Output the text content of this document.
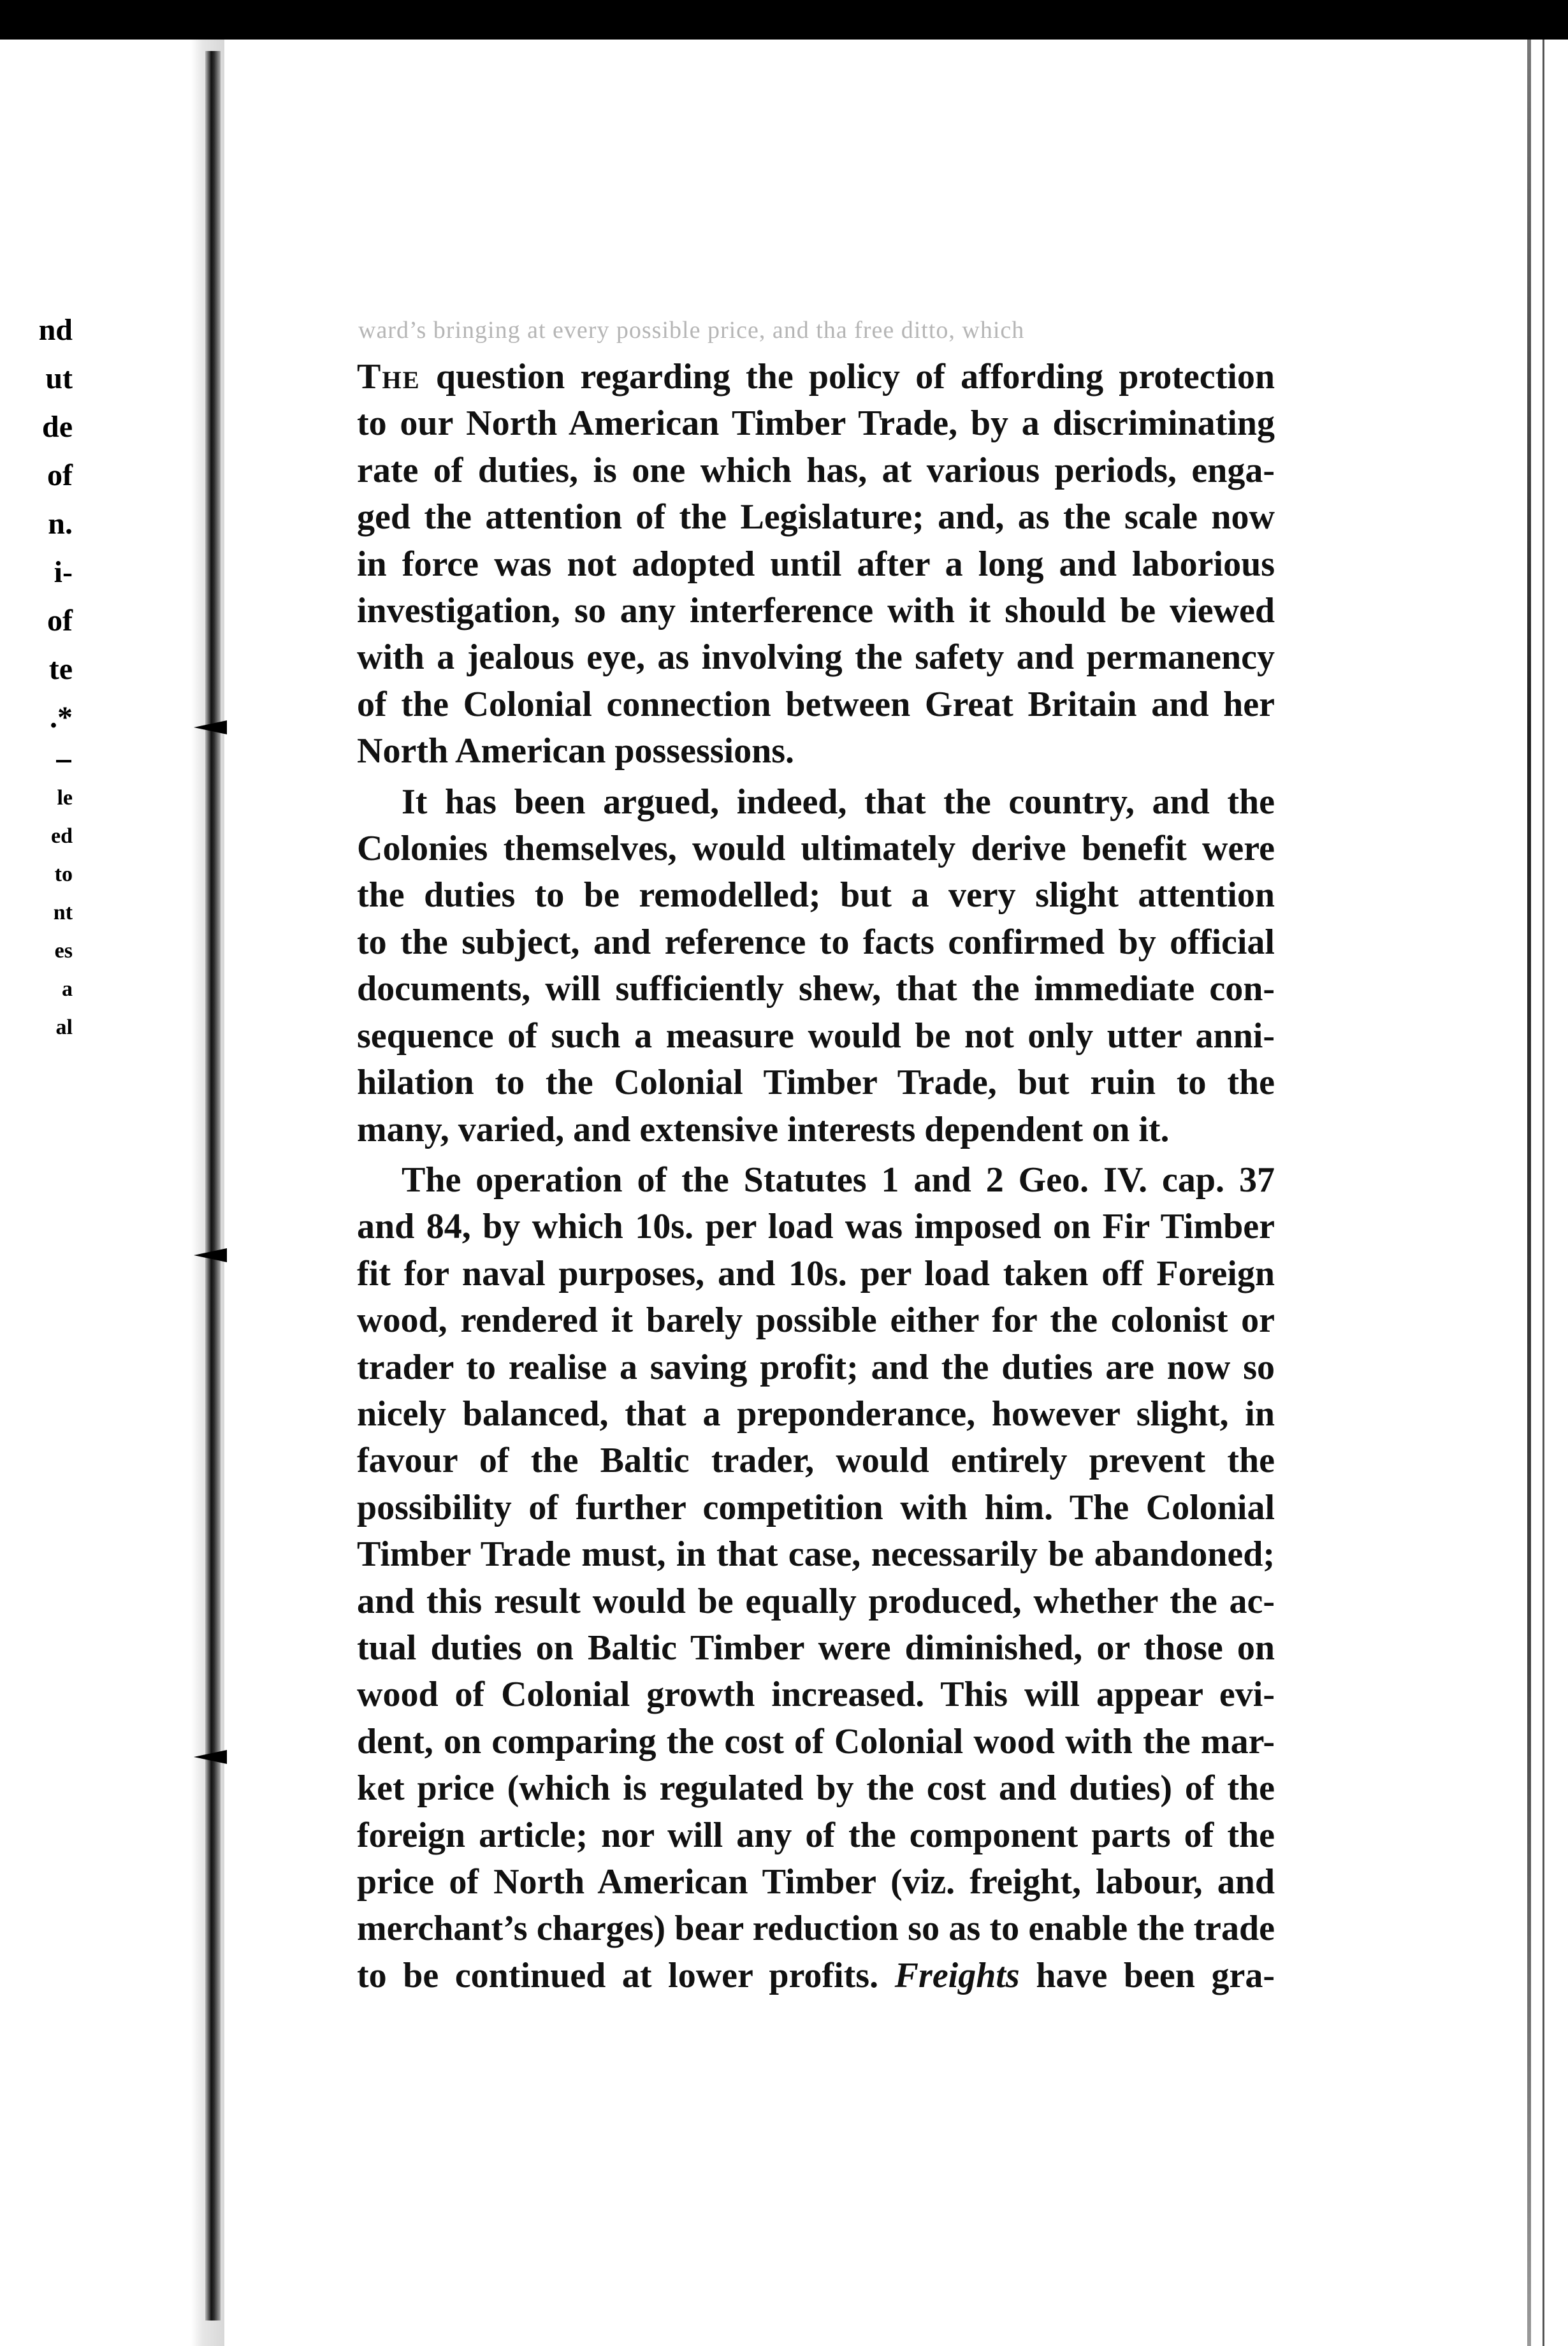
ward’s bringing at every possible price, and tha free ditto, which
nd
ut
de
of
n.
i-
of
te
.*
le
ed
to
nt
es
a
al

The question regarding the policy of affording protection
to our North American Timber Trade, by a discriminating
rate of duties, is one which has, at various periods, enga-
ged the attention of the Legislature; and, as the scale now
in force was not adopted until after a long and laborious
investigation, so any interference with it should be viewed
with a jealous eye, as involving the safety and permanency
of the Colonial connection between Great Britain and her
North American possessions.

It has been argued, indeed, that the country, and the
Colonies themselves, would ultimately derive benefit were
the duties to be remodelled; but a very slight attention
to the subject, and reference to facts confirmed by official
documents, will sufficiently shew, that the immediate con-
sequence of such a measure would be not only utter anni-
hilation to the Colonial Timber Trade, but ruin to the
many, varied, and extensive interests dependent on it.

The operation of the Statutes 1 and 2 Geo. IV. cap. 37
and 84, by which 10s. per load was imposed on Fir Timber
fit for naval purposes, and 10s. per load taken off Foreign
wood, rendered it barely possible either for the colonist or
trader to realise a saving profit; and the duties are now so
nicely balanced, that a preponderance, however slight, in
favour of the Baltic trader, would entirely prevent the
possibility of further competition with him. The Colonial
Timber Trade must, in that case, necessarily be abandoned;
and this result would be equally produced, whether the ac-
tual duties on Baltic Timber were diminished, or those on
wood of Colonial growth increased. This will appear evi-
dent, on comparing the cost of Colonial wood with the mar-
ket price (which is regulated by the cost and duties) of the
foreign article; nor will any of the component parts of the
price of North American Timber (viz. freight, labour, and
merchant’s charges) bear reduction so as to enable the trade
to be continued at lower profits. Freights have been gra-
